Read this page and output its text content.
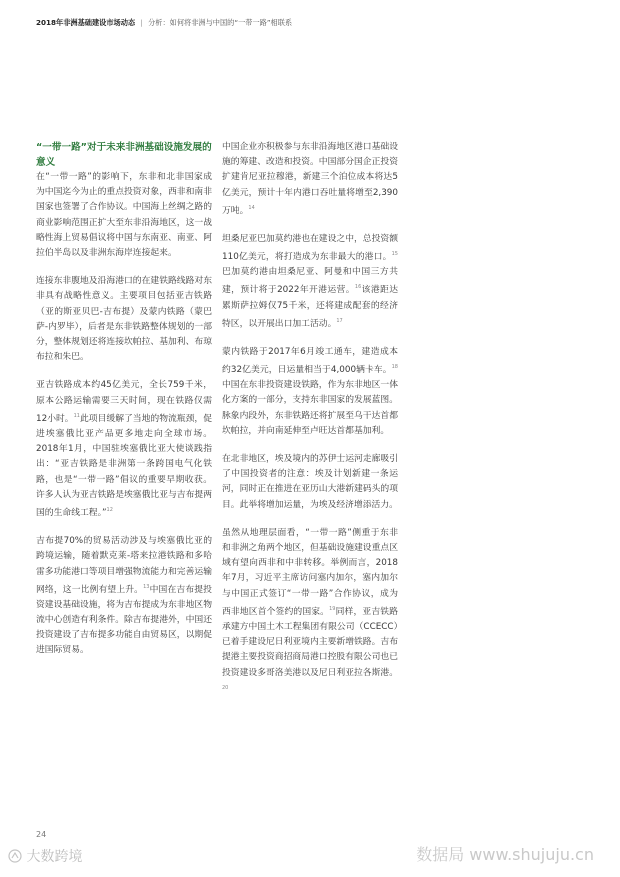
2018年非洲基础建设市场动态 | 分析：如何将非洲与中国的“一带一路”相联系
“一带一路”对于未来非洲基础设施发展的意义

在“一带一路”的影响下，东非和北非国家成为中国迄今为止的重点投资对象，西非和南非国家也签署了合作协议。中国海上丝绸之路的商业影响范围正扩大至东非沿海地区，这一战略性海上贸易倡议将中国与东南亚、南亚、阿拉伯半岛以及非洲东海岸连接起来。

连接东非腹地及沿海港口的在建铁路线路对东非具有战略性意义。主要项目包括亚吉铁路（亚的斯亚贝巴-吉布提）及蒙内铁路（蒙巴萨-内罗毕），后者是东非铁路整体规划的一部分，整体规划还将连接坎帕拉、基加利、布琼布拉和朱巴。

亚吉铁路成本约45亿美元，全长759千米，原本公路运输需要三天时间，现在铁路仅需12小时。$^{11}$此项目缓解了当地的物流瓶颈，促进埃塞俄比亚产品更多地走向全球市场。2018年1月，中国驻埃塞俄比亚大使谈践指出：“亚吉铁路是非洲第一条跨国电气化铁路，也是“一带一路”倡议的重要早期收获。许多人认为亚吉铁路是埃塞俄比亚与吉布提两国的生命线工程。”$^{12}$

吉布提70%的贸易活动涉及与埃塞俄比亚的跨境运输，随着默克莱-塔来拉港铁路和多哈雷多功能港口等项目增强物流能力和完善运输网络，这一比例有望上升。$^{13}$中国在吉布提投资建设基础设施，将为吉布提成为东非地区物流中心创造有利条件。除吉布提港外，中国还投资建设了吉布提多功能自由贸易区，以期促进国际贸易。

中国企业亦积极参与东非沿海地区港口基础设施的筹建、改造和投资。中国部分国企正投资扩建肯尼亚拉穆港，新建三个泊位成本将达5亿美元，预计十年内港口吞吐量将增至2,390万吨。$^{14}$

坦桑尼亚巴加莫约港也在建设之中，总投资额110亿美元，将打造成为东非最大的港口。$^{15}$巴加莫约港由坦桑尼亚、阿曼和中国三方共建，预计将于2022年开港运营。$^{16}$该港距达累斯萨拉姆仅75千米，还将建成配套的经济特区，以开展出口加工活动。$^{17}$

蒙内铁路于2017年6月竣工通车，建造成本约32亿美元，日运量相当于4,000辆卡车。$^{18}$中国在东非投资建设铁路，作为东非地区一体化方案的一部分，支持东非国家的发展蓝图。脉象内段外，东非铁路还将扩展至乌干达首都坎帕拉，并向南延伸至卢旺达首都基加利。

在北非地区，埃及境内的苏伊士运河走廊吸引了中国投资者的注意：埃及计划新建一条运河，同时正在推进在亚历山大港新建码头的项目。此举将增加运量，为埃及经济增添活力。

虽然从地理层面看，“一带一路”侧重于东非和非洲之角两个地区，但基础设施建设重点区域有望向西非和中非转移。举例而言，2018年7月，习近平主席访问塞内加尔，塞内加尔与中国正式签订“一带一路”合作协议，成为西非地区首个签约的国家。$^{19}$同样，亚吉铁路承建方中国土木工程集团有限公司（CCECC）已着手建设尼日利亚境内主要新增铁路。吉布提港主要投资商招商局港口控股有限公司也已投资建设多哥洛美港以及尼日利亚拉各斯港。$^{20}$

24
大数跨境	数据局 www.shujuju.cn
